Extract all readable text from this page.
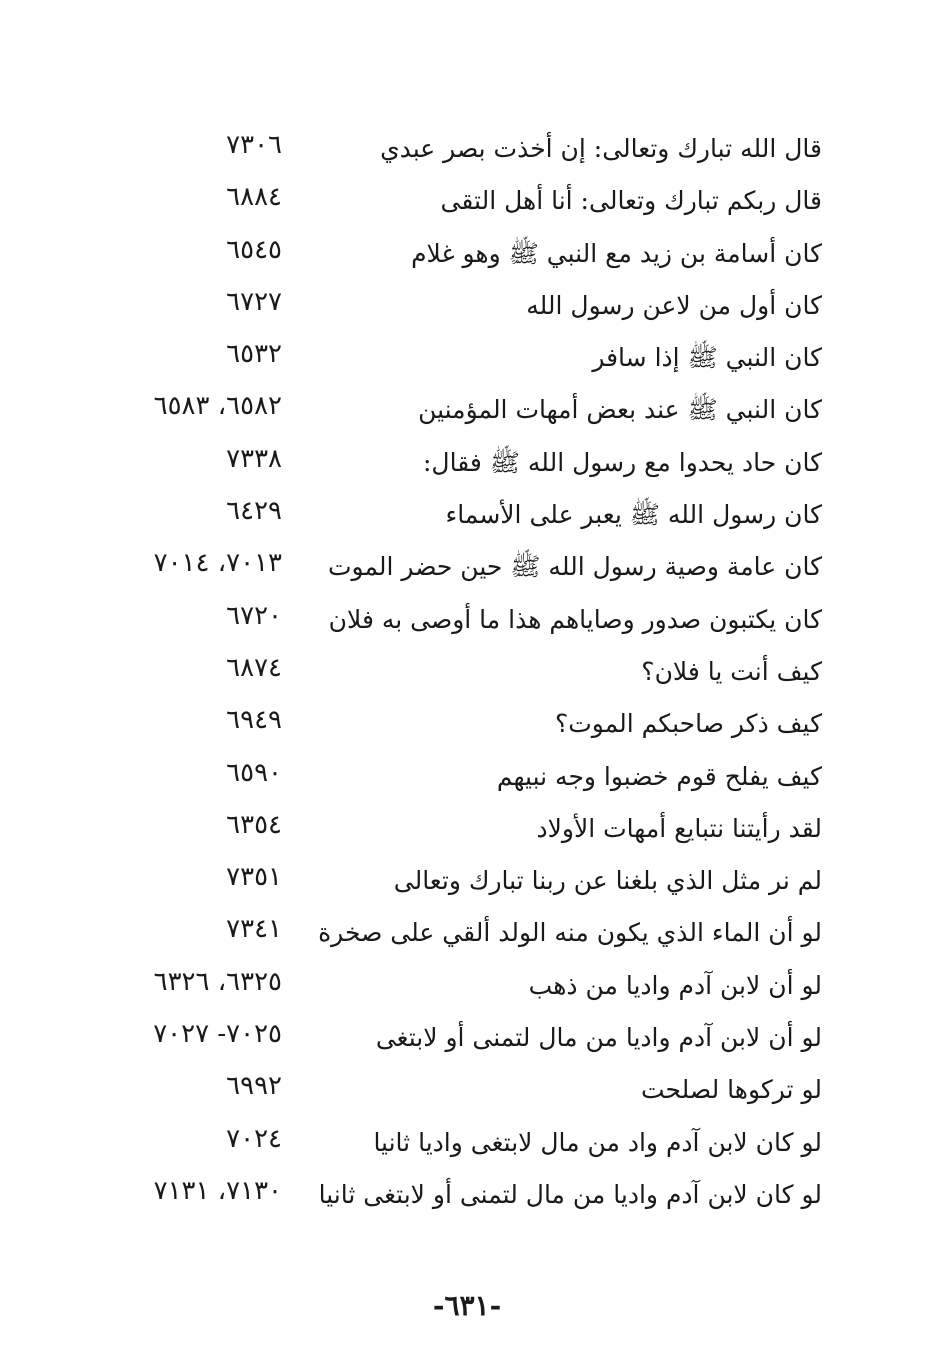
قال الله تبارك وتعالى: إن أخذت بصر عبدي
٧٣٠٦
قال ربكم تبارك وتعالى: أنا أهل التقى
٦٨٨٤
كان أسامة بن زيد مع النبي ﷺ وهو غلام
٦٥٤٥
كان أول من لاعن رسول الله
٦٧٢٧
كان النبي ﷺ إذا سافر
٦٥٣٢
كان النبي ﷺ عند بعض أمهات المؤمنين
٦٥٨٢، ٦٥٨٣
كان حاد يحدوا مع رسول الله ﷺ فقال:
٧٣٣٨
كان رسول الله ﷺ يعبر على الأسماء
٦٤٢٩
كان عامة وصية رسول الله ﷺ حين حضر الموت
٧٠١٣، ٧٠١٤
كان يكتبون صدور وصاياهم هذا ما أوصى به فلان
٦٧٢٠
كيف أنت يا فلان؟
٦٨٧٤
كيف ذكر صاحبكم الموت؟
٦٩٤٩
كيف يفلح قوم خضبوا وجه نبيهم
٦٥٩٠
لقد رأيتنا نتبايع أمهات الأولاد
٦٣٥٤
لم نر مثل الذي بلغنا عن ربنا تبارك وتعالى
٧٣٥١
لو أن الماء الذي يكون منه الولد ألقي على صخرة
٧٣٤١
لو أن لابن آدم واديا من ذهب
٦٣٢٥، ٦٣٢٦
لو أن لابن آدم واديا من مال لتمنى أو لابتغى
٧٠٢٥- ٧٠٢٧
لو تركوها لصلحت
٦٩٩٢
لو كان لابن آدم واد من مال لابتغى واديا ثانيا
٧٠٢٤
لو كان لابن آدم واديا من مال لتمنى أو لابتغى ثانيا
٧١٣٠، ٧١٣١
-٦٣١-
